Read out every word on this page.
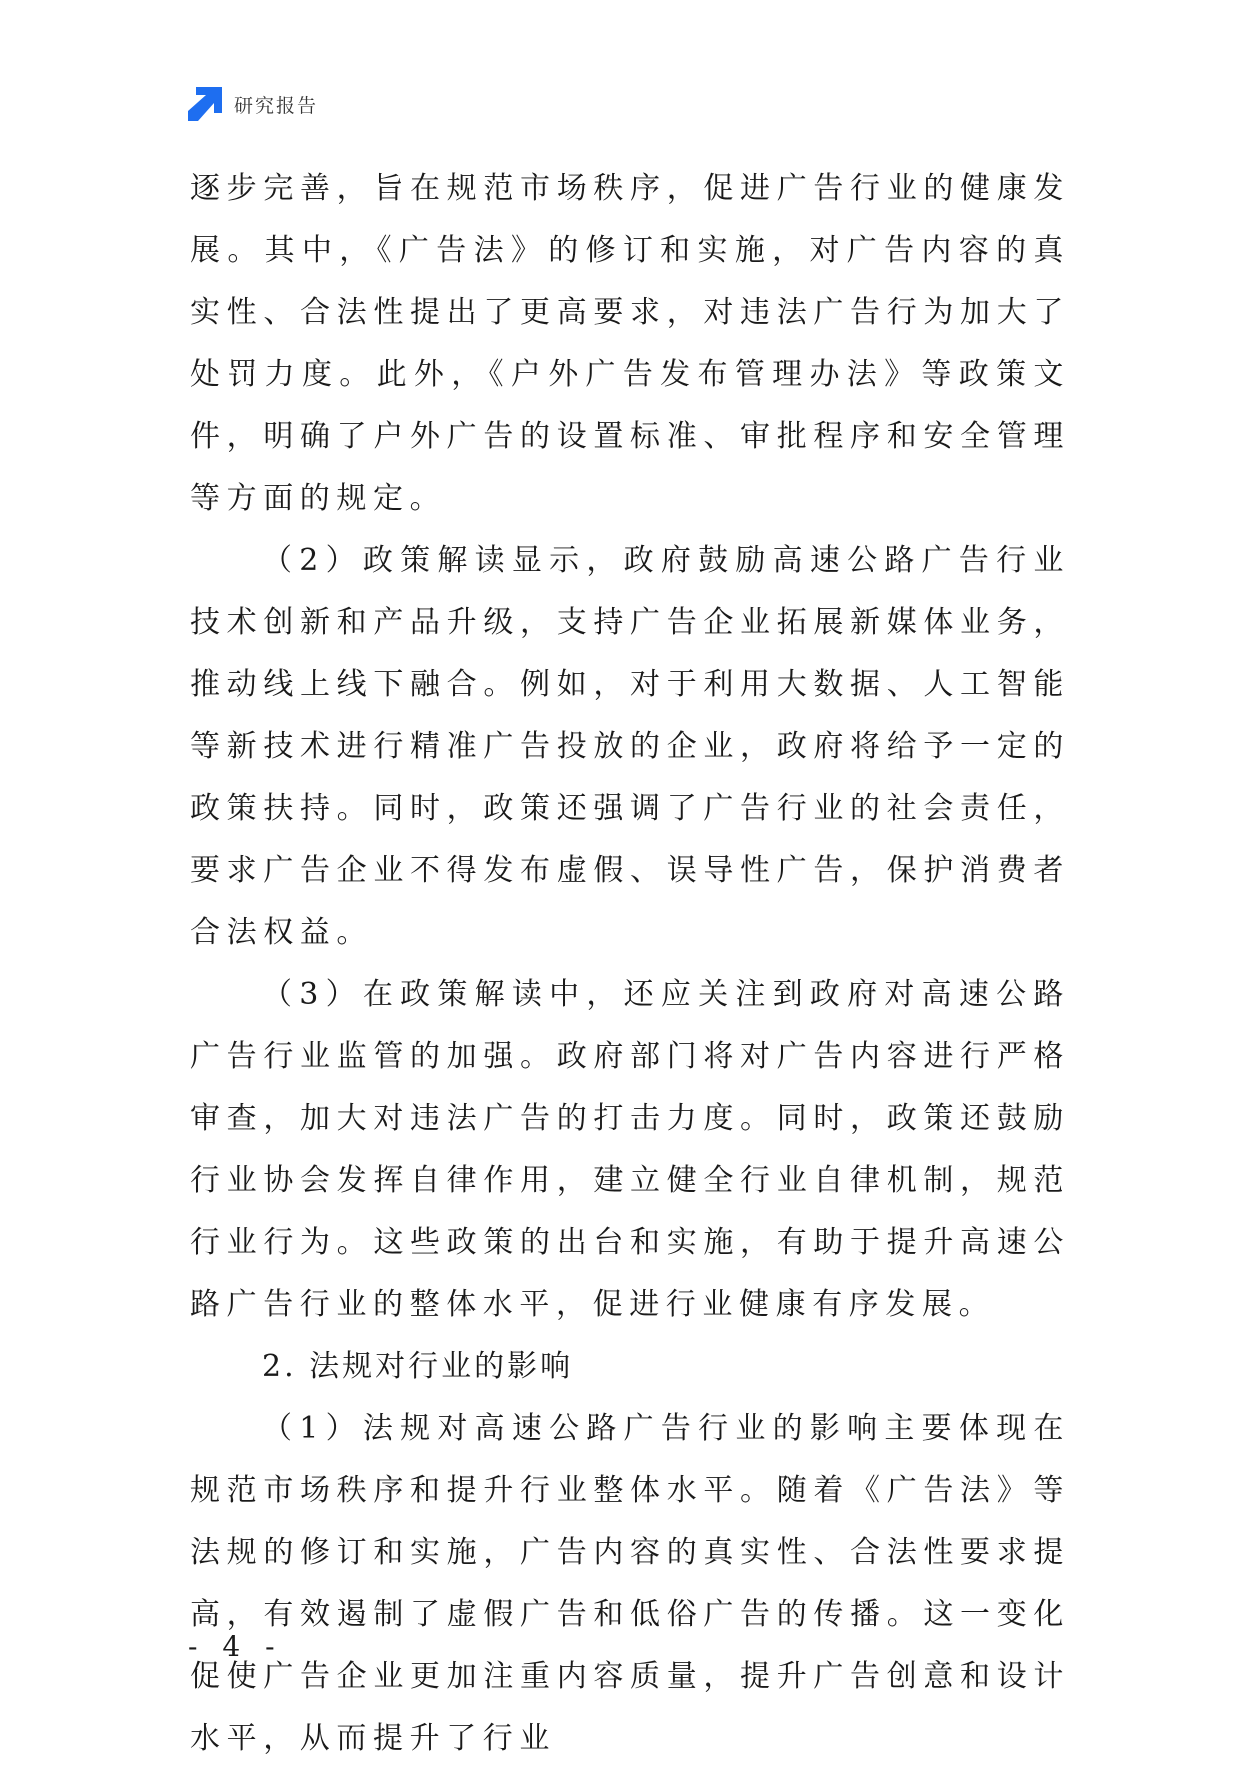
研究报告

逐步完善，旨在规范市场秩序，促进广告行业的健康发展。其中，《广告法》的修订和实施，对广告内容的真实性、合法性提出了更高要求，对违法广告行为加大了处罚力度。此外，《户外广告发布管理办法》等政策文件，明确了户外广告的设置标准、审批程序和安全管理等方面的规定。

（2）政策解读显示，政府鼓励高速公路广告行业技术创新和产品升级，支持广告企业拓展新媒体业务，推动线上线下融合。例如，对于利用大数据、人工智能等新技术进行精准广告投放的企业，政府将给予一定的政策扶持。同时，政策还强调了广告行业的社会责任，要求广告企业不得发布虚假、误导性广告，保护消费者合法权益。

（3）在政策解读中，还应关注到政府对高速公路广告行业监管的加强。政府部门将对广告内容进行严格审查，加大对违法广告的打击力度。同时，政策还鼓励行业协会发挥自律作用，建立健全行业自律机制，规范行业行为。这些政策的出台和实施，有助于提升高速公路广告行业的整体水平，促进行业健康有序发展。

2. 法规对行业的影响

（1）法规对高速公路广告行业的影响主要体现在规范市场秩序和提升行业整体水平。随着《广告法》等法规的修订和实施，广告内容的真实性、合法性要求提高，有效遏制了虚假广告和低俗广告的传播。这一变化促使广告企业更加注重内容质量，提升广告创意和设计水平，从而提升了行业

- 4 -
